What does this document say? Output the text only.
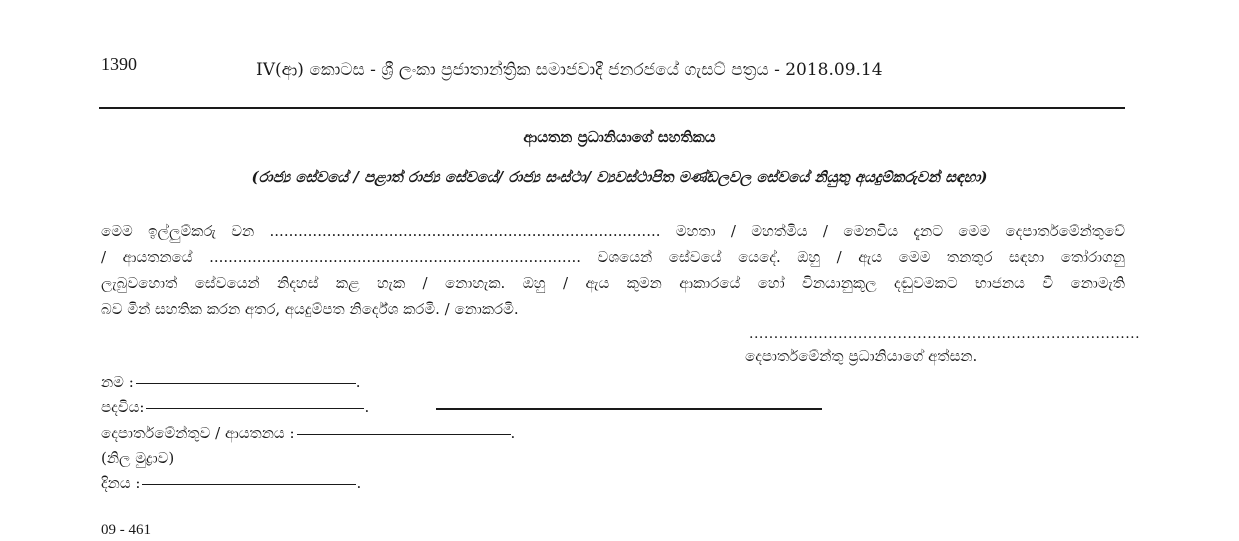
1390	IV(ආ) කොටස - ශ්‍රී ලංකා ප්‍රජාතාන්ත්‍රික සමාජවාදී ජනරජයේ ගැසට් පත්‍රය - 2018.09.14
ආයතන ප්‍රධානියාගේ සහතිකය
(රාජ්‍ය සේවයේ / පළාත් රාජ්‍ය සේවයේ/ රාජ්‍ය සංස්ථා/ ව්‍යවස්ථාපිත මණ්ඩලවල සේවයේ නියුතු අයදුම්කරුවන් සඳහා)
මෙම ඉල්ලුම්කරු වන .................................................................................. මහතා / මහත්මිය / මෙනවිය දැනට මෙම දෙපාර්තමේන්තුවේ
/ ආයතනයේ .............................................................................. වශයෙන් සේවයේ යෙදේ. ඔහු / ඇය මෙම තනතුර සඳහා තෝරාගනු
ලැබුවහොත් සේවයෙන් නිදහස් කළ හැක / නොහැක. ඔහු / ඇය කුමන ආකාරයේ හෝ විනයානුකූල දඬුවමකට භාජනය වී නොමැති
බව මින් සහතික කරන අතර, අයදුම්පත නිර්දේශ කරමි. / නොකරමි.
...............................................................................
දෙපාර්තමේන්තු ප්‍රධානියාගේ අත්සන.
නම :	.
පදවිය:	.
දෙපාර්තමේන්තුව / ආයතනය :	.
(නිල මුද්‍රාව)
දිනය :	.
09 - 461
